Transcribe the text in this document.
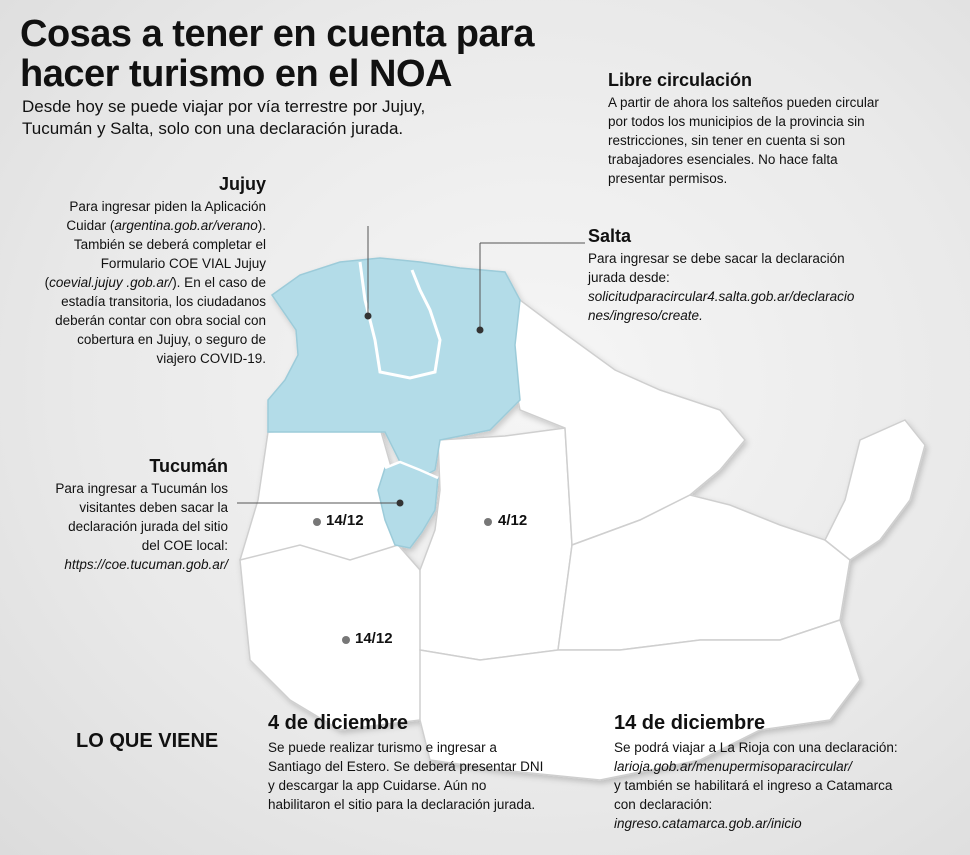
Cosas a tener en cuenta para
hacer turismo en el NOA
Desde hoy se puede viajar por vía terrestre por Jujuy,
Tucumán y Salta, solo con una declaración jurada.
Libre circulación
A partir de ahora los salteños pueden circular
por todos los municipios de la provincia sin
restricciones, sin tener en cuenta si son
trabajadores esenciales. No hace falta
presentar permisos.
Jujuy
Para ingresar piden la Aplicación
Cuidar (argentina.gob.ar/verano).
También se deberá completar el
Formulario COE VIAL Jujuy
(coevial.jujuy .gob.ar/). En el caso de
estadía transitoria, los ciudadanos
deberán contar con obra social con
cobertura en Jujuy, o seguro de
viajero COVID-19.
Salta
Para ingresar se debe sacar la declaración
jurada desde:
solicitudparacircular4.salta.gob.ar/declaracio
nes/ingreso/create.
Tucumán
Para ingresar a Tucumán los
visitantes deben sacar la
declaración jurada del sitio
del COE local:
https://coe.tucuman.gob.ar/
14/12	4/12
14/12
LO QUE VIENE
4 de diciembre
Se puede realizar turismo e ingresar a
Santiago del Estero. Se deberá presentar DNI
y descargar la app Cuidarse. Aún no
habilitaron el sitio para la declaración jurada.
14 de diciembre
Se podrá viajar a La Rioja con una declaración:
larioja.gob.ar/menupermisoparacircular/
y también se habilitará el ingreso a Catamarca
con declaración:
ingreso.catamarca.gob.ar/inicio
